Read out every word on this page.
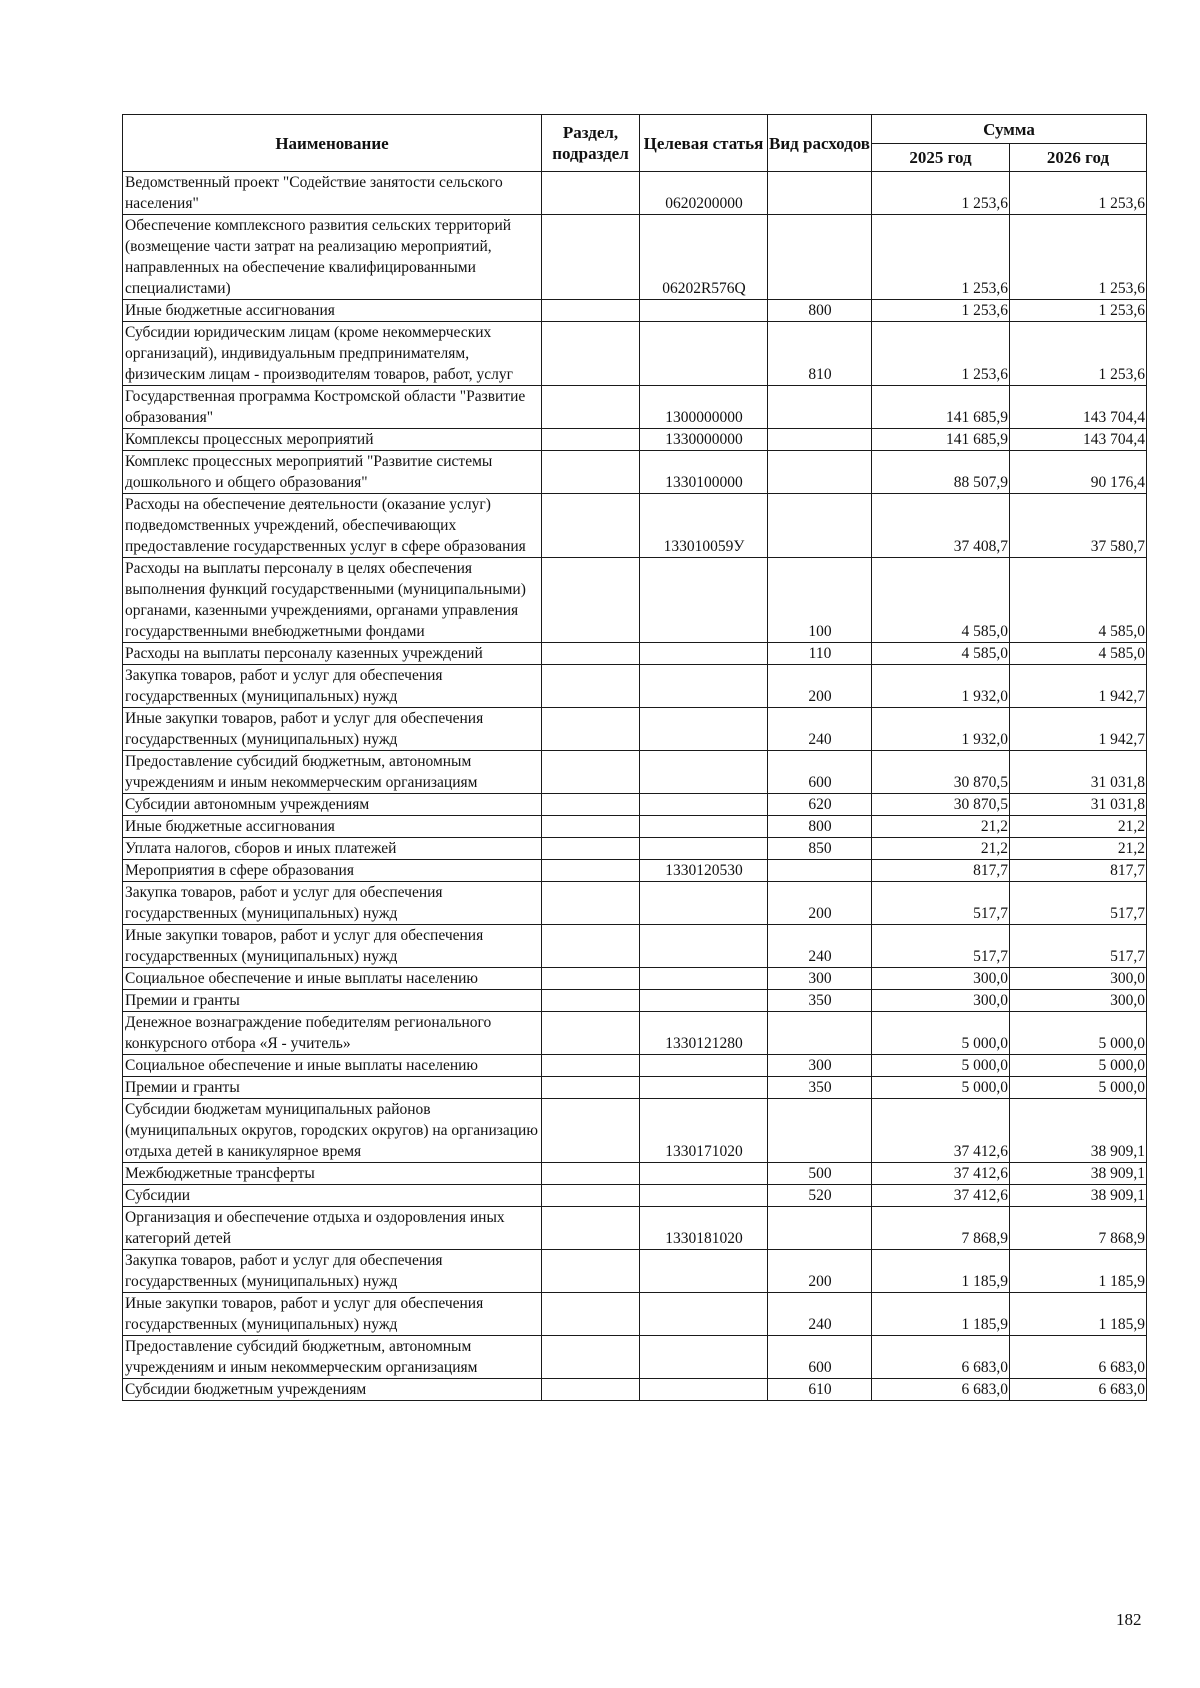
Наименование	Раздел, подраздел	Целевая статья	Вид расходов	Сумма	
				2025 год	2026 год
Ведомственный проект "Содействие занятости сельского населения"		0620200000		1 253,6	1 253,6
Обеспечение комплексного развития сельских территорий (возмещение части затрат на реализацию мероприятий, направленных на обеспечение квалифицированными специалистами)		06202R576Q		1 253,6	1 253,6
Иные бюджетные ассигнования			800	1 253,6	1 253,6
Субсидии юридическим лицам (кроме некоммерческих организаций), индивидуальным предпринимателям, физическим лицам - производителям товаров, работ, услуг			810	1 253,6	1 253,6
Государственная программа Костромской области "Развитие образования"		1300000000		141 685,9	143 704,4
Комплексы процессных мероприятий		1330000000		141 685,9	143 704,4
Комплекс процессных мероприятий "Развитие системы дошкольного и общего образования"		1330100000		88 507,9	90 176,4
Расходы на обеспечение деятельности (оказание услуг) подведомственных учреждений, обеспечивающих предоставление государственных услуг в сфере образования		133010059У		37 408,7	37 580,7
Расходы на выплаты персоналу в целях обеспечения выполнения функций государственными (муниципальными) органами, казенными учреждениями, органами управления государственными внебюджетными фондами			100	4 585,0	4 585,0
Расходы на выплаты персоналу казенных учреждений			110	4 585,0	4 585,0
Закупка товаров, работ и услуг для обеспечения государственных (муниципальных) нужд			200	1 932,0	1 942,7
Иные закупки товаров, работ и услуг для обеспечения государственных (муниципальных) нужд			240	1 932,0	1 942,7
Предоставление субсидий бюджетным, автономным учреждениям и иным некоммерческим организациям			600	30 870,5	31 031,8
Субсидии автономным учреждениям			620	30 870,5	31 031,8
Иные бюджетные ассигнования			800	21,2	21,2
Уплата налогов, сборов и иных платежей			850	21,2	21,2
Мероприятия в сфере образования		1330120530		817,7	817,7
Закупка товаров, работ и услуг для обеспечения государственных (муниципальных) нужд			200	517,7	517,7
Иные закупки товаров, работ и услуг для обеспечения государственных (муниципальных) нужд			240	517,7	517,7
Социальное обеспечение и иные выплаты населению			300	300,0	300,0
Премии и гранты			350	300,0	300,0
Денежное вознаграждение победителям регионального конкурсного отбора «Я - учитель»		1330121280		5 000,0	5 000,0
Социальное обеспечение и иные выплаты населению			300	5 000,0	5 000,0
Премии и гранты			350	5 000,0	5 000,0
Субсидии бюджетам муниципальных районов (муниципальных округов, городских округов) на организацию отдыха детей в каникулярное время		1330171020		37 412,6	38 909,1
Межбюджетные трансферты			500	37 412,6	38 909,1
Субсидии			520	37 412,6	38 909,1
Организация и обеспечение отдыха и оздоровления иных категорий детей		1330181020		7 868,9	7 868,9
Закупка товаров, работ и услуг для обеспечения государственных (муниципальных) нужд			200	1 185,9	1 185,9
Иные закупки товаров, работ и услуг для обеспечения государственных (муниципальных) нужд			240	1 185,9	1 185,9
Предоставление субсидий бюджетным, автономным учреждениям и иным некоммерческим организациям			600	6 683,0	6 683,0
Субсидии бюджетным учреждениям			610	6 683,0	6 683,0
182
